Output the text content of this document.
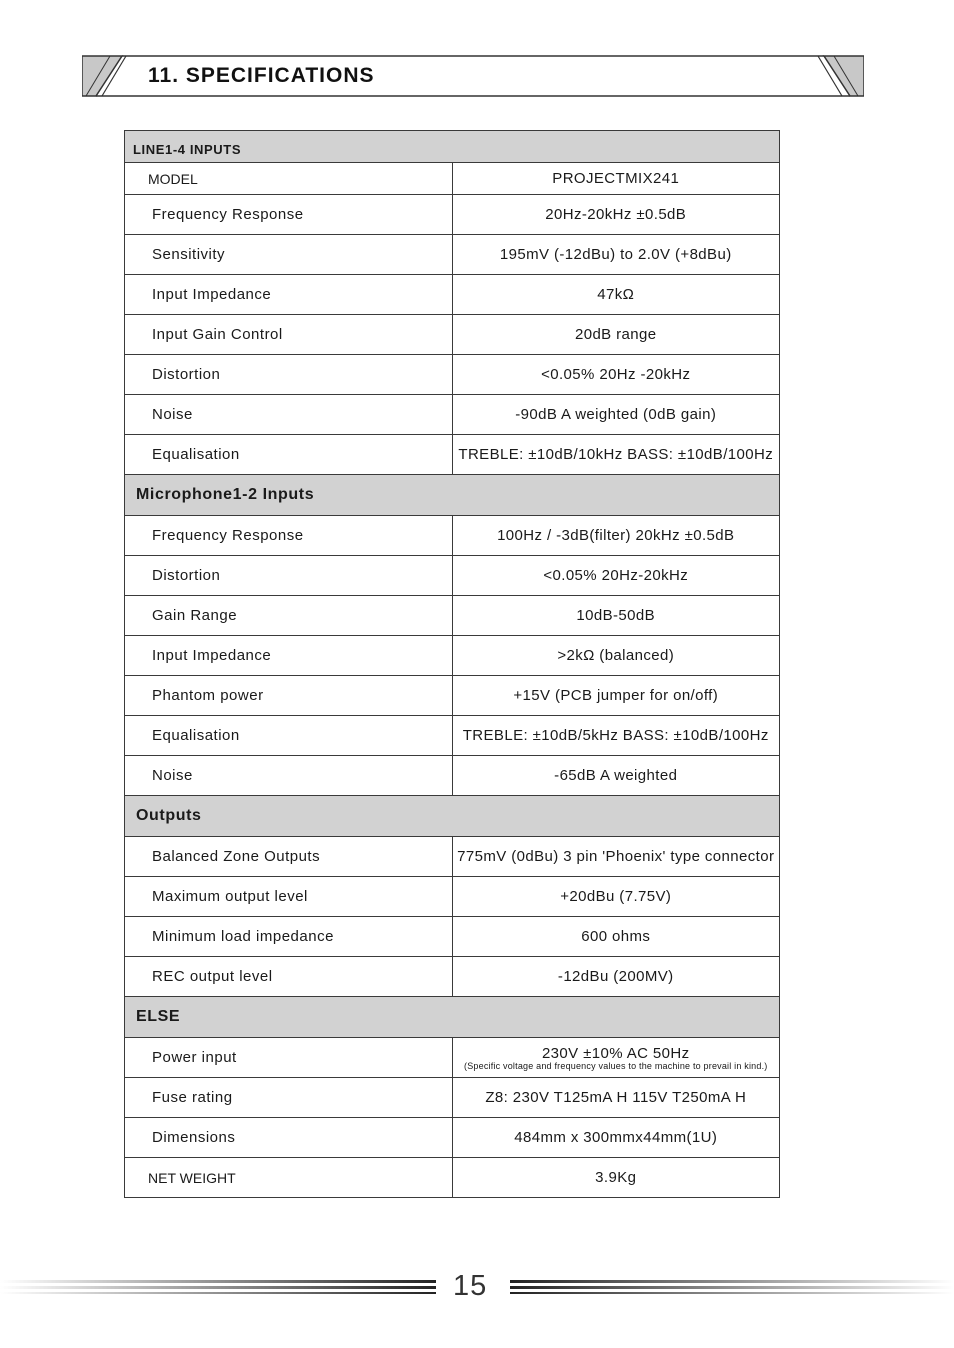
11. SPECIFICATIONS
LINE1-4 INPUTS	
MODEL	PROJECTMIX241
Frequency Response	20Hz-20kHz ±0.5dB
Sensitivity	195mV (-12dBu) to 2.0V (+8dBu)
Input Impedance	47kΩ
Input Gain Control	20dB range
Distortion	<0.05% 20Hz -20kHz
Noise	-90dB A weighted (0dB gain)
Equalisation	TREBLE: ±10dB/10kHz BASS: ±10dB/100Hz
Microphone1-2 Inputs	
Frequency Response	100Hz / -3dB(filter) 20kHz ±0.5dB
Distortion	<0.05% 20Hz-20kHz
Gain Range	10dB-50dB
Input Impedance	>2kΩ (balanced)
Phantom power	+15V (PCB jumper for on/off)
Equalisation	TREBLE: ±10dB/5kHz BASS: ±10dB/100Hz
Noise	-65dB A weighted
Outputs	
Balanced Zone Outputs	775mV (0dBu) 3 pin 'Phoenix' type connector
Maximum output level	+20dBu (7.75V)
Minimum load impedance	600 ohms
REC output level	-12dBu (200MV)
ELSE	
Power input	230V ±10% AC 50Hz
(Specific voltage and frequency values to the machine to prevail in kind.)

Fuse rating	Z8: 230V T125mA H 115V T250mA H
Dimensions	484mm x 300mmx44mm(1U)
NET WEIGHT	3.9Kg
15
